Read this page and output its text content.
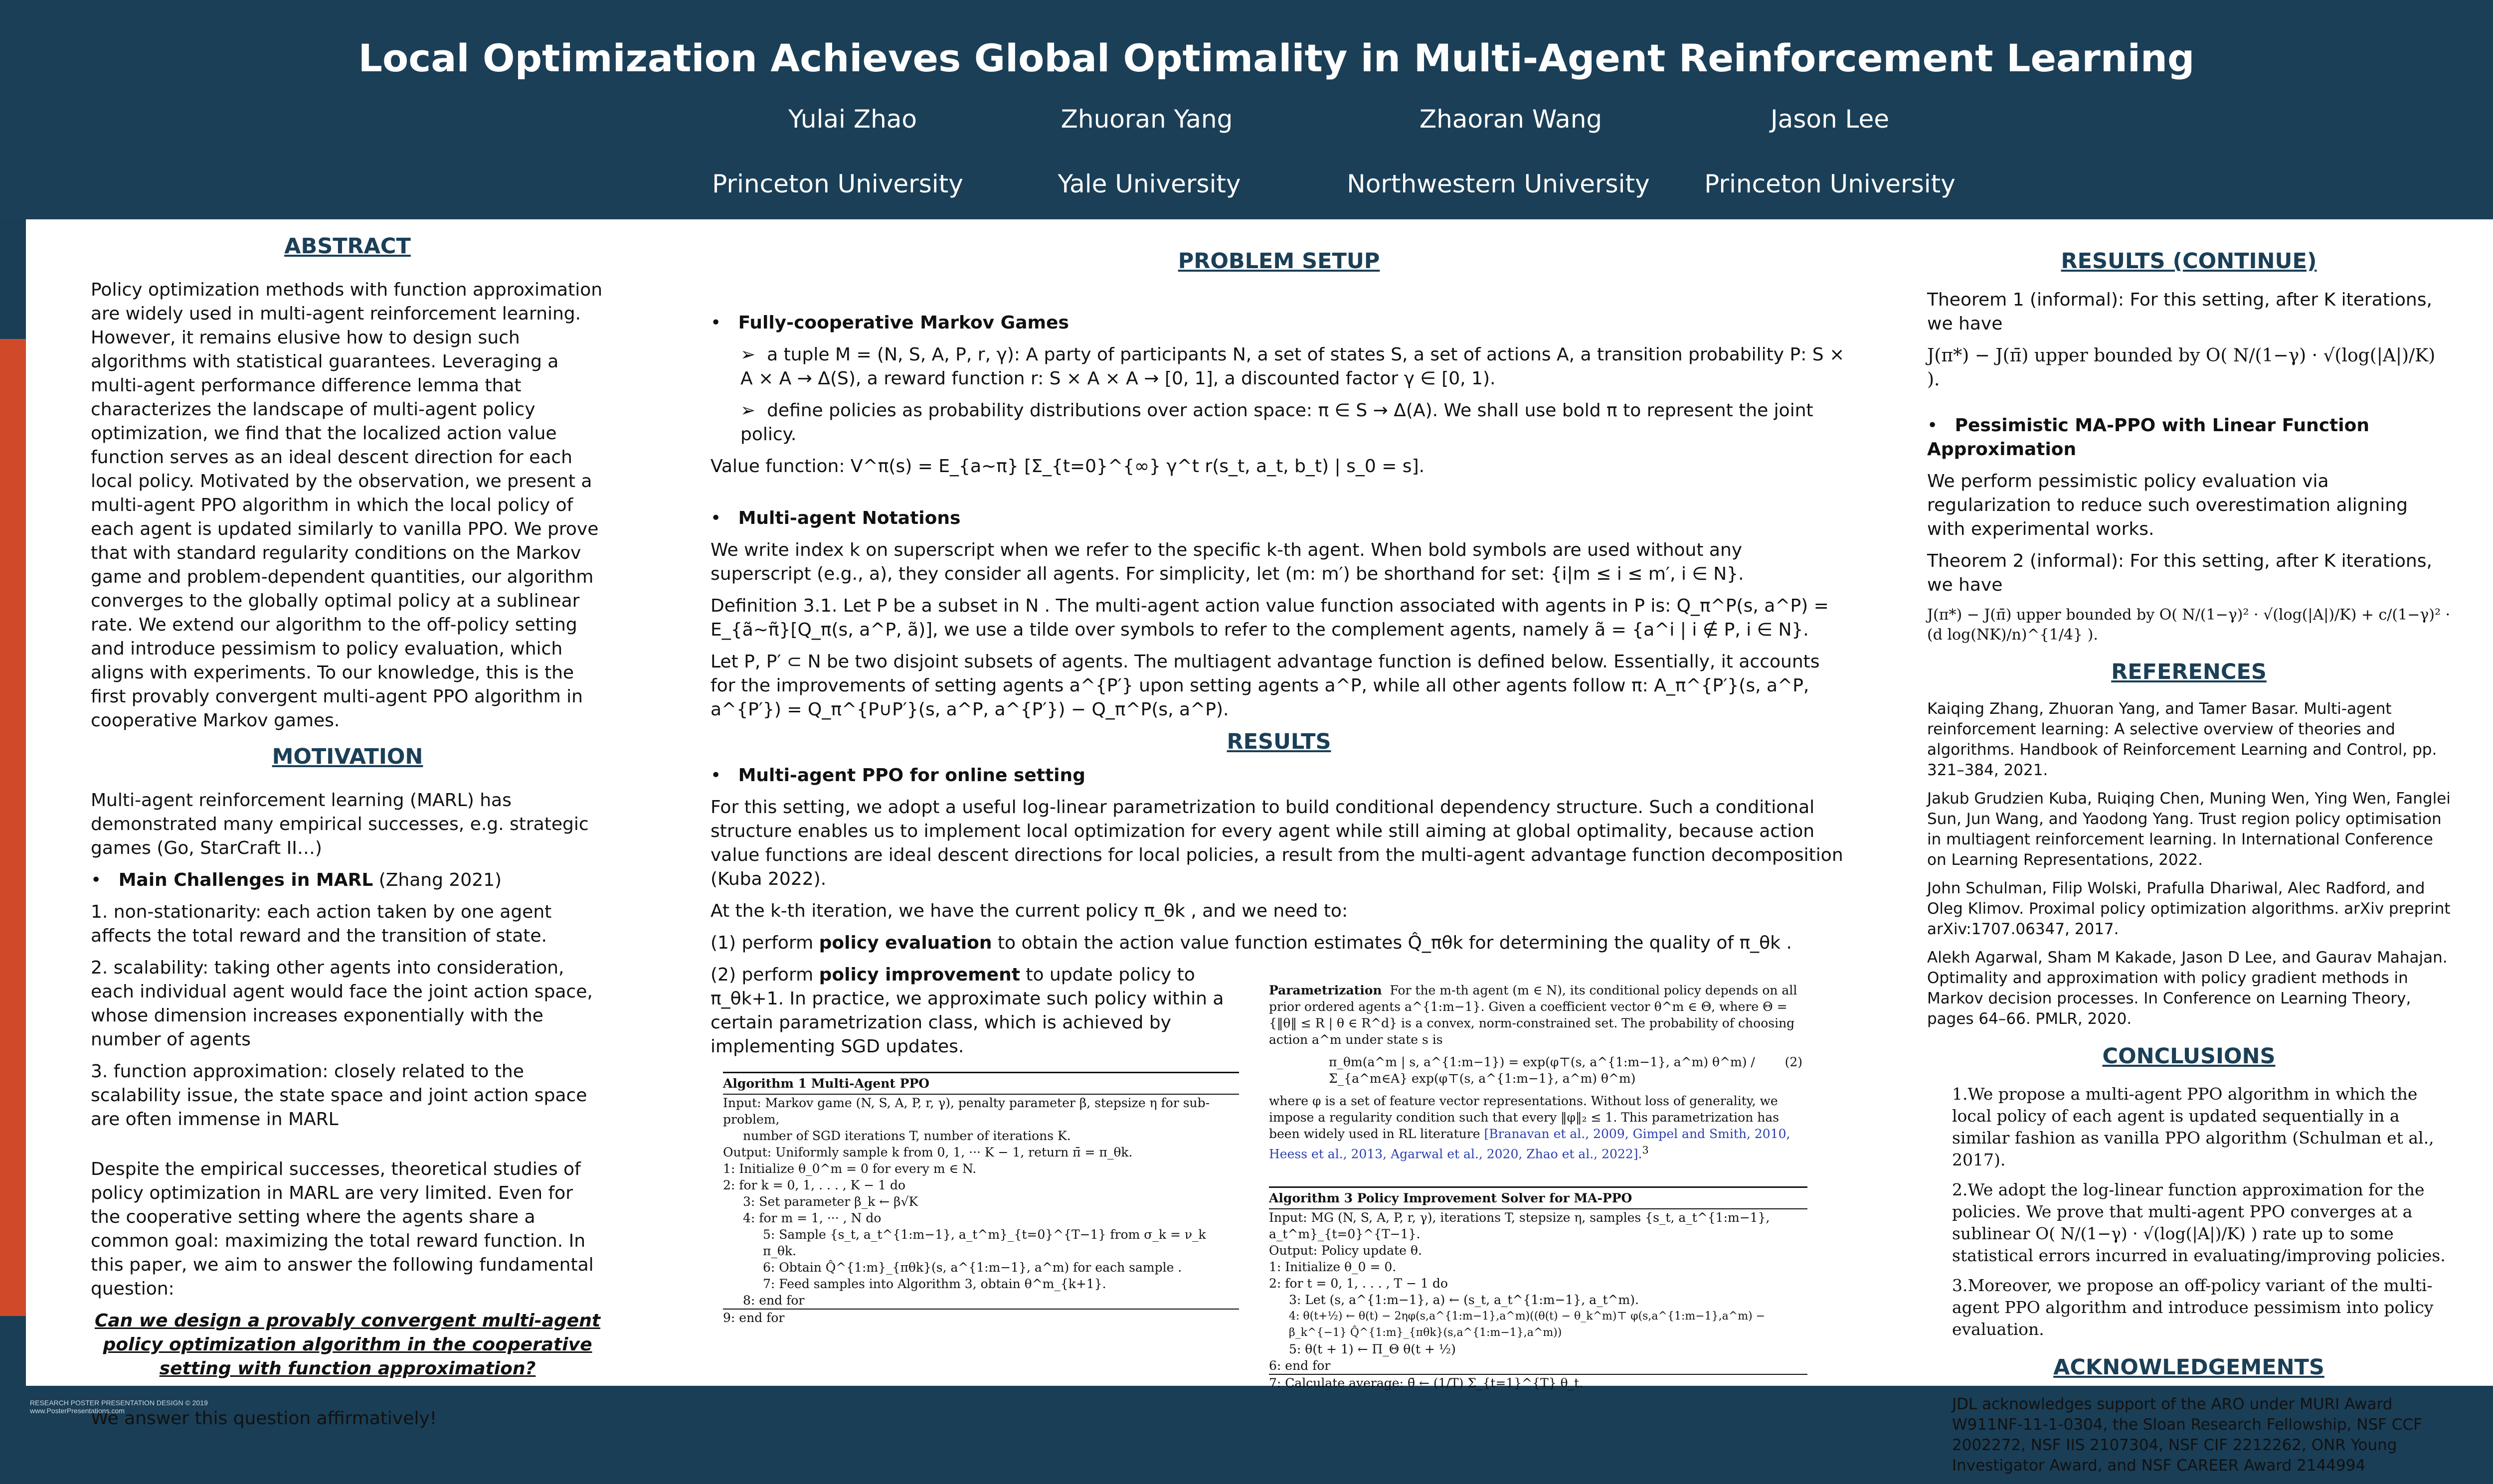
Local Optimization Achieves Global Optimality in Multi-Agent Reinforcement Learning
Yulai Zhao	Zhuoran Yang	Zhaoran Wang	Jason Lee
Princeton University	Yale University	Northwestern University Princeton University
ABSTRACT

Policy optimization methods with function approximation are widely used in multi-agent reinforcement learning. However, it remains elusive how to design such algorithms with statistical guarantees. Leveraging a multi-agent performance difference lemma that characterizes the landscape of multi-agent policy optimization, we find that the localized action value function serves as an ideal descent direction for each local policy. Motivated by the observation, we present a multi-agent PPO algorithm in which the local policy of each agent is updated similarly to vanilla PPO. We prove that with standard regularity conditions on the Markov game and problem-dependent quantities, our algorithm converges to the globally optimal policy at a sublinear rate. We extend our algorithm to the off-policy setting and introduce pessimism to policy evaluation, which aligns with experiments. To our knowledge, this is the first provably convergent multi-agent PPO algorithm in cooperative Markov games.

MOTIVATION

Multi-agent reinforcement learning (MARL) has demonstrated many empirical successes, e.g. strategic games (Go, StarCraft II…)

•   Main Challenges in MARL (Zhang 2021)

1. non-stationarity: each action taken by one agent affects the total reward and the transition of state.

2. scalability: taking other agents into consideration, each individual agent would face the joint action space, whose dimension increases exponentially with the number of agents

3. function approximation: closely related to the scalability issue, the state space and joint action space are often immense in MARL

Despite the empirical successes, theoretical studies of policy optimization in MARL are very limited. Even for the cooperative setting where the agents share a common goal: maximizing the total reward function. In this paper, we aim to answer the following fundamental question:

Can we design a provably convergent multi-agent policy optimization algorithm in the cooperative setting with function approximation?

We answer this question affirmatively!

PROBLEM SETUP

•   Fully-cooperative Markov Games

➢  a tuple M = (N, S, A, P, r, γ): A party of participants N, a set of states S, a set of actions A, a transition probability P: S × A × A → Δ(S), a reward function r: S × A × A → [0, 1], a discounted factor γ ∈ [0, 1).

➢  define policies as probability distributions over action space: π ∈ S → Δ(A). We shall use bold π to represent the joint policy.

Value function: V^π(s) = E_{a∼π} [Σ_{t=0}^{∞} γ^t r(s_t, a_t, b_t) | s_0 = s].

•   Multi-agent Notations

We write index k on superscript when we refer to the specific k-th agent. When bold symbols are used without any superscript (e.g., a), they consider all agents. For simplicity, let (m: m′) be shorthand for set: {i|m ≤ i ≤ m′, i ∈ N}.

Definition 3.1. Let P be a subset in N . The multi-agent action value function associated with agents in P is: Q_π^P(s, a^P) = E_{ã∼π̃}[Q_π(s, a^P, ã)], we use a tilde over symbols to refer to the complement agents, namely ã = {a^i | i ∉ P, i ∈ N}.

Let P, P′ ⊂ N be two disjoint subsets of agents. The multiagent advantage function is defined below. Essentially, it accounts for the improvements of setting agents a^{P′} upon setting agents a^P, while all other agents follow π: A_π^{P′}(s, a^P, a^{P′}) = Q_π^{P∪P′}(s, a^P, a^{P′}) − Q_π^P(s, a^P).

RESULTS

•   Multi-agent PPO for online setting

For this setting, we adopt a useful log-linear parametrization to build conditional dependency structure. Such a conditional structure enables us to implement local optimization for every agent while still aiming at global optimality, because action value functions are ideal descent directions for local policies, a result from the multi-agent advantage function decomposition (Kuba 2022).

At the k-th iteration, we have the current policy π_θk , and we need to:

(1) perform policy evaluation to obtain the action value function estimates Q̂_πθk for determining the quality of π_θk .

(2) perform policy improvement to update policy to π_θk+1. In practice, we approximate such policy within a certain parametrization class, which is achieved by implementing SGD updates.

Parametrization For the m-th agent (m ∈ N), its conditional policy depends on all prior ordered agents a^{1:m−1}. Given a coefficient vector θ^m ∈ Θ, where Θ = {‖θ‖ ≤ R | θ ∈ R^d} is a convex, norm-constrained set. The probability of choosing action a^m under state s is
π_θm(a^m | s, a^{1:m−1}) = exp(φ⊤(s, a^{1:m−1}, a^m) θ^m) / Σ_{a^m∈A} exp(φ⊤(s, a^{1:m−1}, a^m) θ^m)
(2)
where φ is a set of feature vector representations. Without loss of generality, we impose a regularity condition such that every ‖φ‖₂ ≤ 1. This parametrization has been widely used in RL literature [Branavan et al., 2009, Gimpel and Smith, 2010, Heess et al., 2013, Agarwal et al., 2020, Zhao et al., 2022].$^3$
Algorithm 1 Multi-Agent PPO
Input: Markov game (N, S, A, P, r, γ), penalty parameter β, stepsize η for sub-problem,
number of SGD iterations T, number of iterations K.
Output: Uniformly sample k from 0, 1, ··· K − 1, return π̄ = π_θk.
1: Initialize θ_0^m = 0 for every m ∈ N.
2: for k = 0, 1, . . . , K − 1 do
3: Set parameter β_k ← β√K
4: for m = 1, ··· , N do
5: Sample {s_t, a_t^{1:m−1}, a_t^m}_{t=0}^{T−1} from σ_k = ν_k π_θk.
6: Obtain Q̂^{1:m}_{πθk}(s, a^{1:m−1}, a^m) for each sample .
7: Feed samples into Algorithm 3, obtain θ^m_{k+1}.
8: end for
9: end for
Algorithm 3 Policy Improvement Solver for MA-PPO
Input: MG (N, S, A, P, r, γ), iterations T, stepsize η, samples {s_t, a_t^{1:m−1}, a_t^m}_{t=0}^{T−1}.
Output: Policy update θ.
1: Initialize θ_0 = 0.
2: for t = 0, 1, . . . , T − 1 do
3: Let (s, a^{1:m−1}, a) ← (s_t, a_t^{1:m−1}, a_t^m).
4: θ(t+½) ← θ(t) − 2ηφ(s,a^{1:m−1},a^m)((θ(t) − θ_k^m)⊤ φ(s,a^{1:m−1},a^m) − β_k^{−1} Q̂^{1:m}_{πθk}(s,a^{1:m−1},a^m))
5: θ(t + 1) ← Π_Θ θ(t + ½)
6: end for
7: Calculate average: θ̄ ← (1/T) Σ_{t=1}^{T} θ_t.
RESULTS (CONTINUE)

Theorem 1 (informal): For this setting, after K iterations, we have

J(π*) − J(π̄) upper bounded by O( N/(1−γ) · √(log(|A|)/K) ).

•   Pessimistic MA-PPO with Linear Function Approximation

We perform pessimistic policy evaluation via regularization to reduce such overestimation aligning with experimental works.

Theorem 2 (informal): For this setting, after K iterations, we have

J(π*) − J(π̄) upper bounded by O( N/(1−γ)² · √(log(|A|)/K) + c/(1−γ)² · (d log(NK)/n)^{1/4} ).

REFERENCES

Kaiqing Zhang, Zhuoran Yang, and Tamer Basar. Multi-agent reinforcement learning: A selective overview of theories and algorithms. Handbook of Reinforcement Learning and Control, pp. 321–384, 2021.

Jakub Grudzien Kuba, Ruiqing Chen, Muning Wen, Ying Wen, Fanglei Sun, Jun Wang, and Yaodong Yang. Trust region policy optimisation in multiagent reinforcement learning. In International Conference on Learning Representations, 2022.

John Schulman, Filip Wolski, Prafulla Dhariwal, Alec Radford, and Oleg Klimov. Proximal policy optimization algorithms. arXiv preprint arXiv:1707.06347, 2017.

Alekh Agarwal, Sham M Kakade, Jason D Lee, and Gaurav Mahajan. Optimality and approximation with policy gradient methods in Markov decision processes. In Conference on Learning Theory, pages 64–66. PMLR, 2020.

CONCLUSIONS

1.We propose a multi-agent PPO algorithm in which the local policy of each agent is updated sequentially in a similar fashion as vanilla PPO algorithm (Schulman et al., 2017).

2.We adopt the log-linear function approximation for the policies. We prove that multi-agent PPO converges at a sublinear O( N/(1−γ) · √(log(|A|)/K) ) rate up to some statistical errors incurred in evaluating/improving policies.

3.Moreover, we propose an off-policy variant of the multi-agent PPO algorithm and introduce pessimism into policy evaluation.

ACKNOWLEDGEMENTS

JDL acknowledges support of the ARO under MURI Award W911NF-11-1-0304, the Sloan Research Fellowship, NSF CCF 2002272, NSF IIS 2107304, NSF CIF 2212262, ONR Young Investigator Award, and NSF CAREER Award 2144994

RESEARCH POSTER PRESENTATION DESIGN © 2019
www.PosterPresentations.com
